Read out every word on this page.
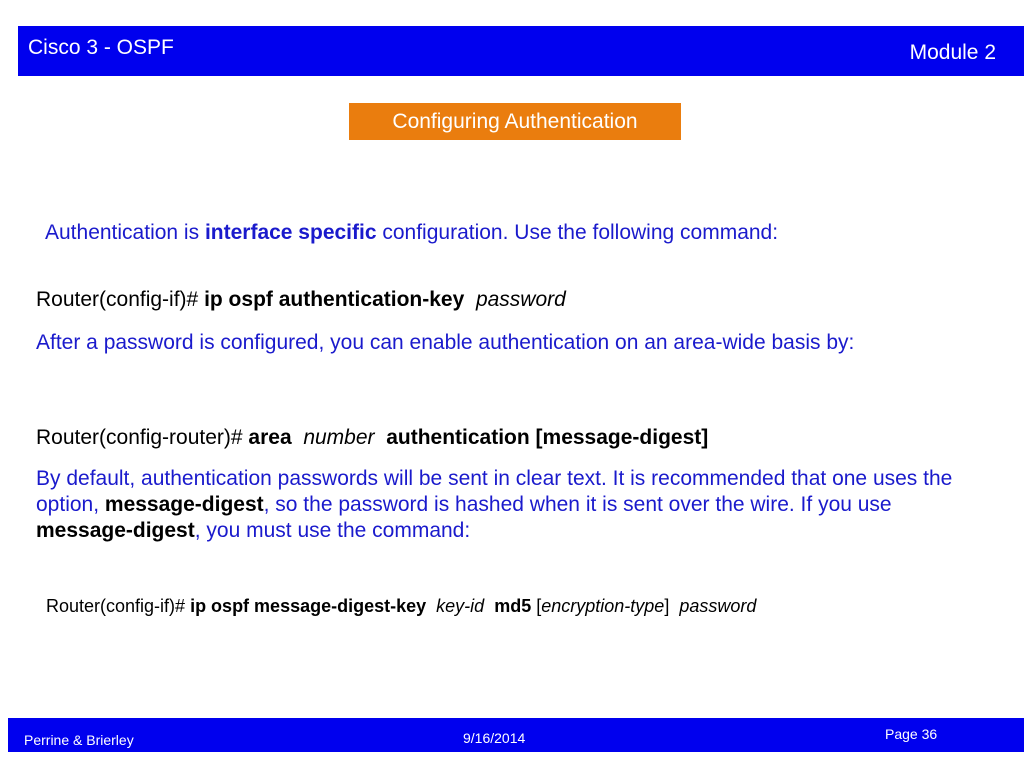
Cisco 3 - OSPF	Module 2
Configuring Authentication
Authentication is interface specific configuration. Use the following command:
Router(config-if)# ip ospf authentication-key password
After a password is configured, you can enable authentication on an area-wide basis by:
Router(config-router)# area number authentication [message-digest]
By default, authentication passwords will be sent in clear text. It is recommended that one uses the option, message-digest, so the password is hashed when it is sent over the wire. If you use message-digest, you must use the command:
Router(config-if)# ip ospf message-digest-key key-id md5 [encryption-type] password
Perrine & Brierley	9/16/2014	Page 36
